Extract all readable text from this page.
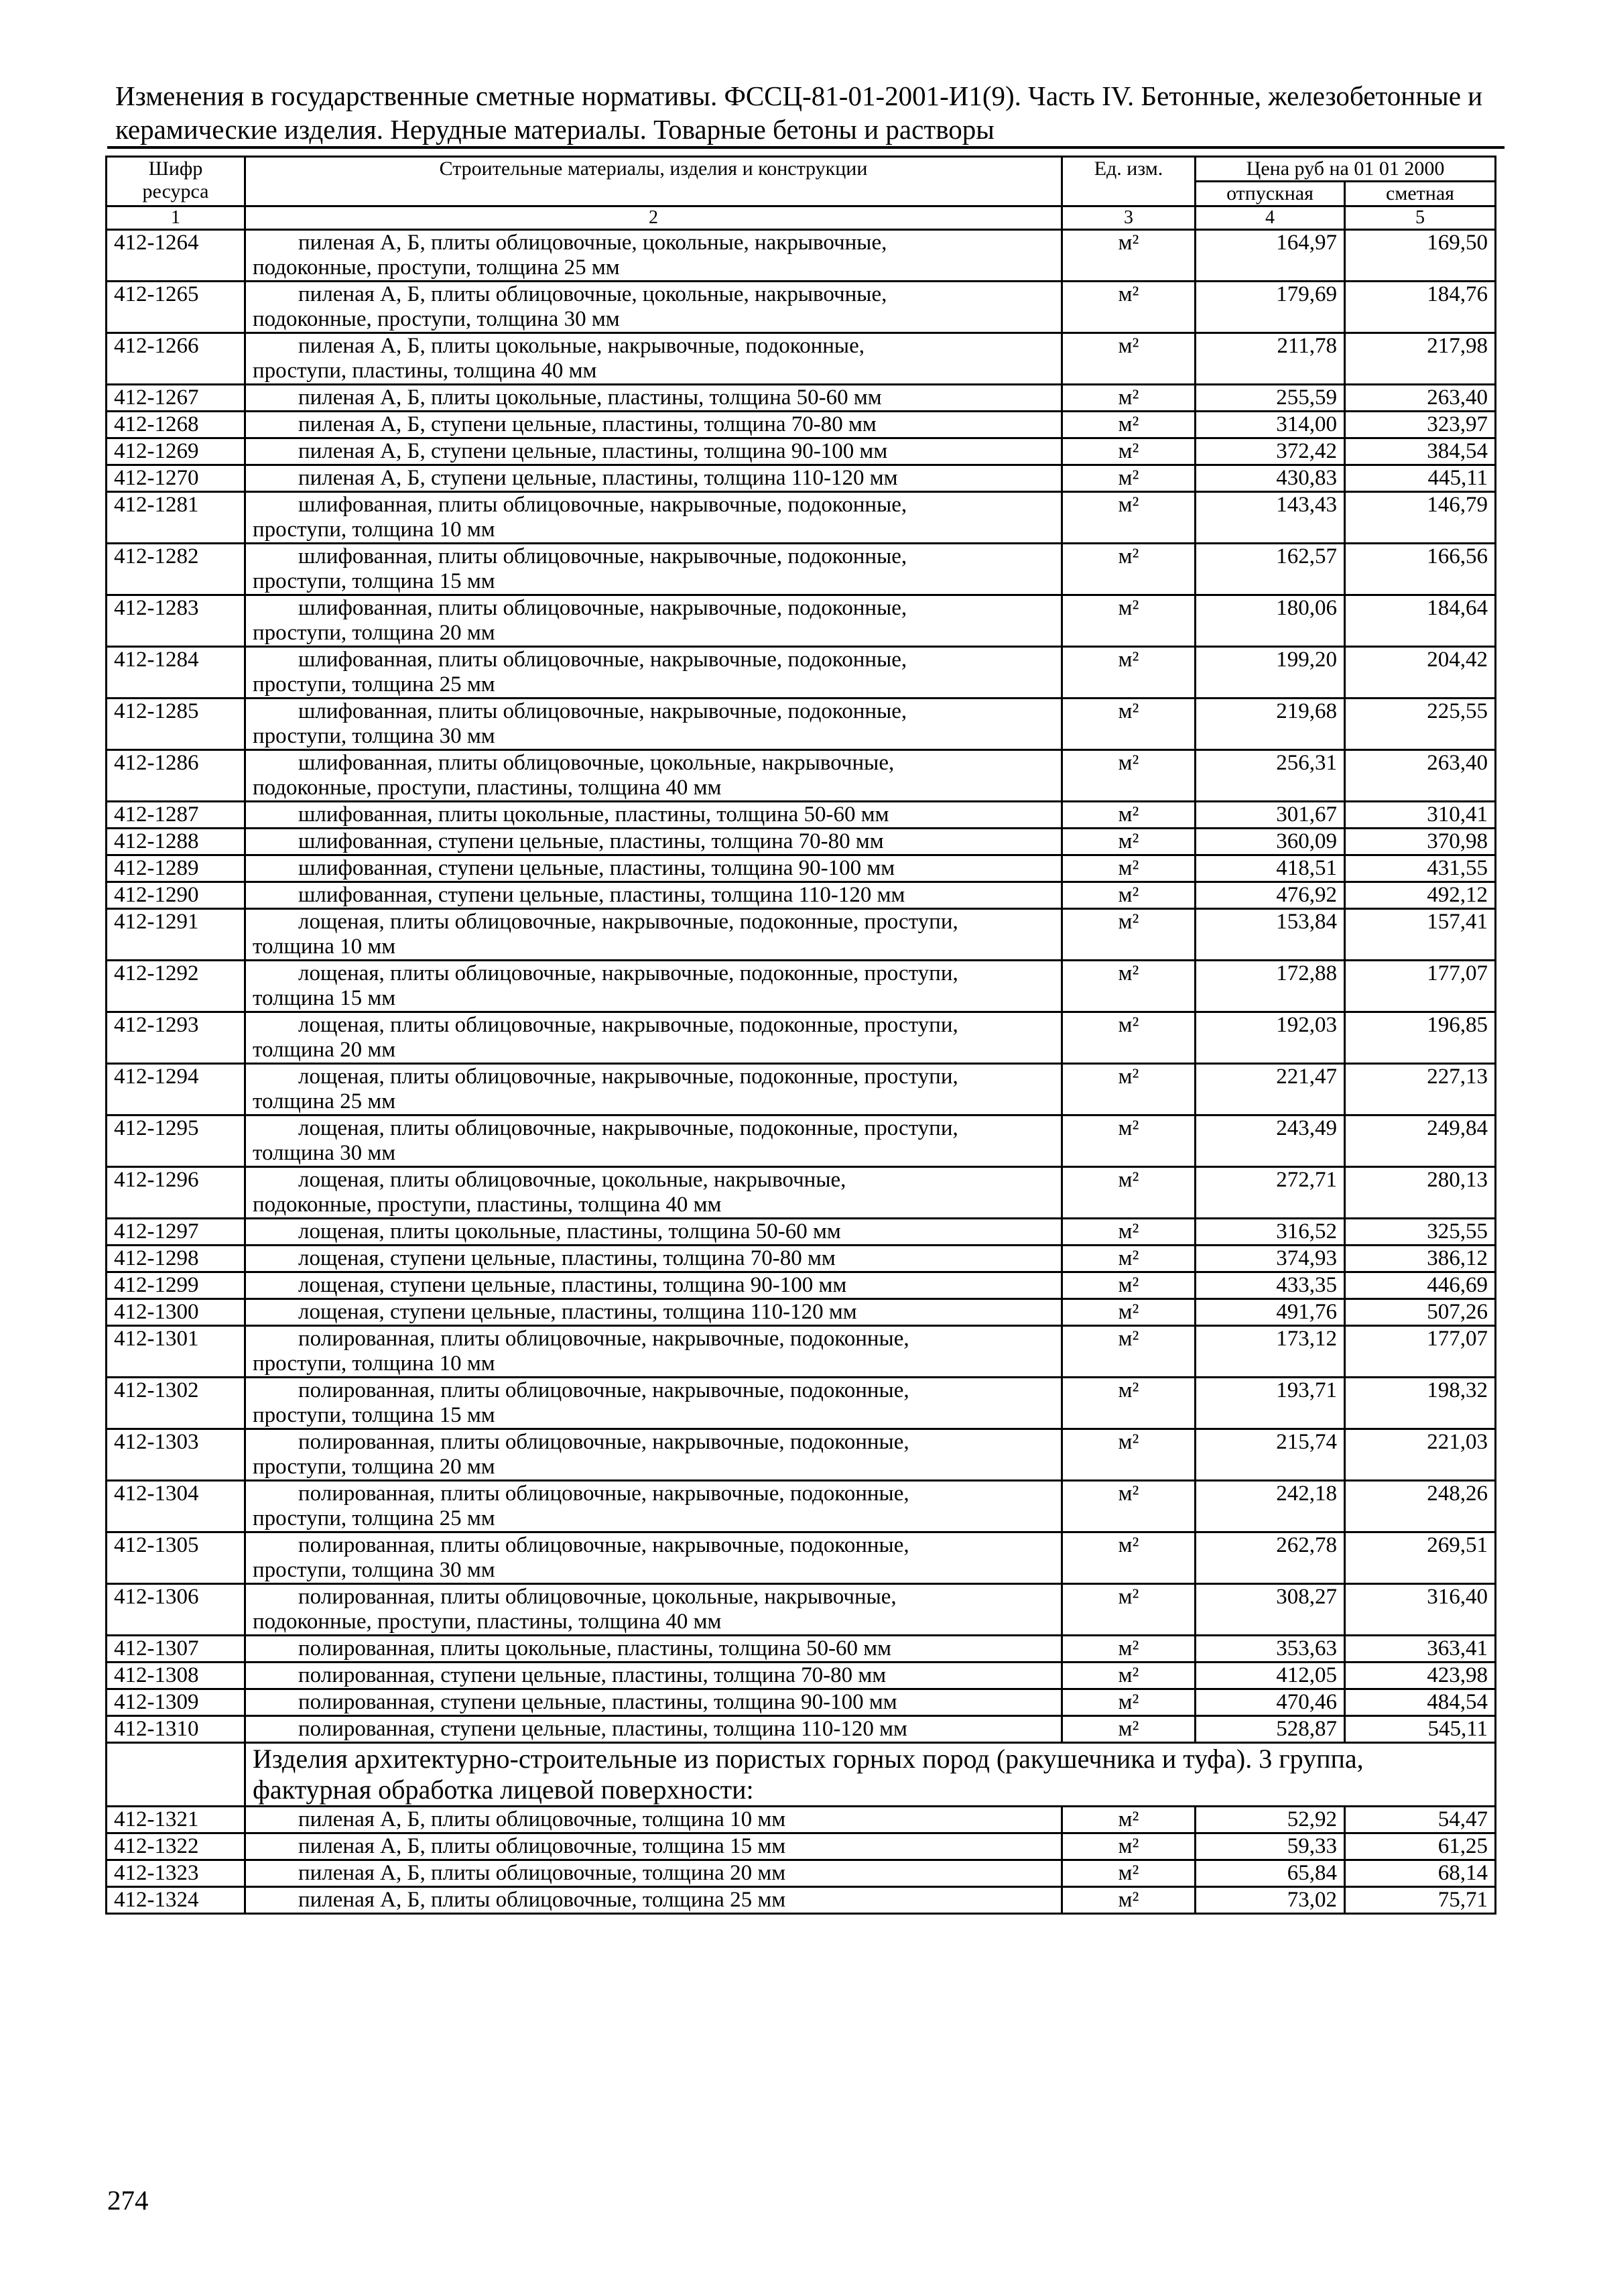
Изменения в государственные сметные нормативы. ФССЦ-81-01-2001-И1(9). Часть IV. Бетонные, железобетонные и
керамические изделия. Нерудные материалы. Товарные бетоны и растворы
Шифр ресурса	Строительные материалы, изделия и конструкции	Ед. изм.	Цена руб на 01 01 2000	
			отпускная	сметная
1	2	3	4	5
412-1264	пиленая А, Б, плиты облицовочные, цокольные, накрывочные,
подоконные, проступи, толщина 25 мм	м²	164,97	169,50
412-1265	пиленая А, Б, плиты облицовочные, цокольные, накрывочные,
подоконные, проступи, толщина 30 мм	м²	179,69	184,76
412-1266	пиленая А, Б, плиты цокольные, накрывочные, подоконные,
проступи, пластины, толщина 40 мм	м²	211,78	217,98
412-1267	пиленая А, Б, плиты цокольные, пластины, толщина 50-60 мм	м²	255,59	263,40
412-1268	пиленая А, Б, ступени цельные, пластины, толщина 70-80 мм	м²	314,00	323,97
412-1269	пиленая А, Б, ступени цельные, пластины, толщина 90-100 мм	м²	372,42	384,54
412-1270	пиленая А, Б, ступени цельные, пластины, толщина 110-120 мм	м²	430,83	445,11
412-1281	шлифованная, плиты облицовочные, накрывочные, подоконные,
проступи, толщина 10 мм	м²	143,43	146,79
412-1282	шлифованная, плиты облицовочные, накрывочные, подоконные,
проступи, толщина 15 мм	м²	162,57	166,56
412-1283	шлифованная, плиты облицовочные, накрывочные, подоконные,
проступи, толщина 20 мм	м²	180,06	184,64
412-1284	шлифованная, плиты облицовочные, накрывочные, подоконные,
проступи, толщина 25 мм	м²	199,20	204,42
412-1285	шлифованная, плиты облицовочные, накрывочные, подоконные,
проступи, толщина 30 мм	м²	219,68	225,55
412-1286	шлифованная, плиты облицовочные, цокольные, накрывочные,
подоконные, проступи, пластины, толщина 40 мм	м²	256,31	263,40
412-1287	шлифованная, плиты цокольные, пластины, толщина 50-60 мм	м²	301,67	310,41
412-1288	шлифованная, ступени цельные, пластины, толщина 70-80 мм	м²	360,09	370,98
412-1289	шлифованная, ступени цельные, пластины, толщина 90-100 мм	м²	418,51	431,55
412-1290	шлифованная, ступени цельные, пластины, толщина 110-120 мм	м²	476,92	492,12
412-1291	лощеная, плиты облицовочные, накрывочные, подоконные, проступи,
толщина 10 мм	м²	153,84	157,41
412-1292	лощеная, плиты облицовочные, накрывочные, подоконные, проступи,
толщина 15 мм	м²	172,88	177,07
412-1293	лощеная, плиты облицовочные, накрывочные, подоконные, проступи,
толщина 20 мм	м²	192,03	196,85
412-1294	лощеная, плиты облицовочные, накрывочные, подоконные, проступи,
толщина 25 мм	м²	221,47	227,13
412-1295	лощеная, плиты облицовочные, накрывочные, подоконные, проступи,
толщина 30 мм	м²	243,49	249,84
412-1296	лощеная, плиты облицовочные, цокольные, накрывочные,
подоконные, проступи, пластины, толщина 40 мм	м²	272,71	280,13
412-1297	лощеная, плиты цокольные, пластины, толщина 50-60 мм	м²	316,52	325,55
412-1298	лощеная, ступени цельные, пластины, толщина 70-80 мм	м²	374,93	386,12
412-1299	лощеная, ступени цельные, пластины, толщина 90-100 мм	м²	433,35	446,69
412-1300	лощеная, ступени цельные, пластины, толщина 110-120 мм	м²	491,76	507,26
412-1301	полированная, плиты облицовочные, накрывочные, подоконные,
проступи, толщина 10 мм	м²	173,12	177,07
412-1302	полированная, плиты облицовочные, накрывочные, подоконные,
проступи, толщина 15 мм	м²	193,71	198,32
412-1303	полированная, плиты облицовочные, накрывочные, подоконные,
проступи, толщина 20 мм	м²	215,74	221,03
412-1304	полированная, плиты облицовочные, накрывочные, подоконные,
проступи, толщина 25 мм	м²	242,18	248,26
412-1305	полированная, плиты облицовочные, накрывочные, подоконные,
проступи, толщина 30 мм	м²	262,78	269,51
412-1306	полированная, плиты облицовочные, цокольные, накрывочные,
подоконные, проступи, пластины, толщина 40 мм	м²	308,27	316,40
412-1307	полированная, плиты цокольные, пластины, толщина 50-60 мм	м²	353,63	363,41
412-1308	полированная, ступени цельные, пластины, толщина 70-80 мм	м²	412,05	423,98
412-1309	полированная, ступени цельные, пластины, толщина 90-100 мм	м²	470,46	484,54
412-1310	полированная, ступени цельные, пластины, толщина 110-120 мм	м²	528,87	545,11
	Изделия архитектурно-строительные из пористых горных пород (ракушечника и туфа). 3 группа, фактурная обработка лицевой поверхности:			
412-1321	пиленая А, Б, плиты облицовочные, толщина 10 мм	м²	52,92	54,47
412-1322	пиленая А, Б, плиты облицовочные, толщина 15 мм	м²	59,33	61,25
412-1323	пиленая А, Б, плиты облицовочные, толщина 20 мм	м²	65,84	68,14
412-1324	пиленая А, Б, плиты облицовочные, толщина 25 мм	м²	73,02	75,71
274
